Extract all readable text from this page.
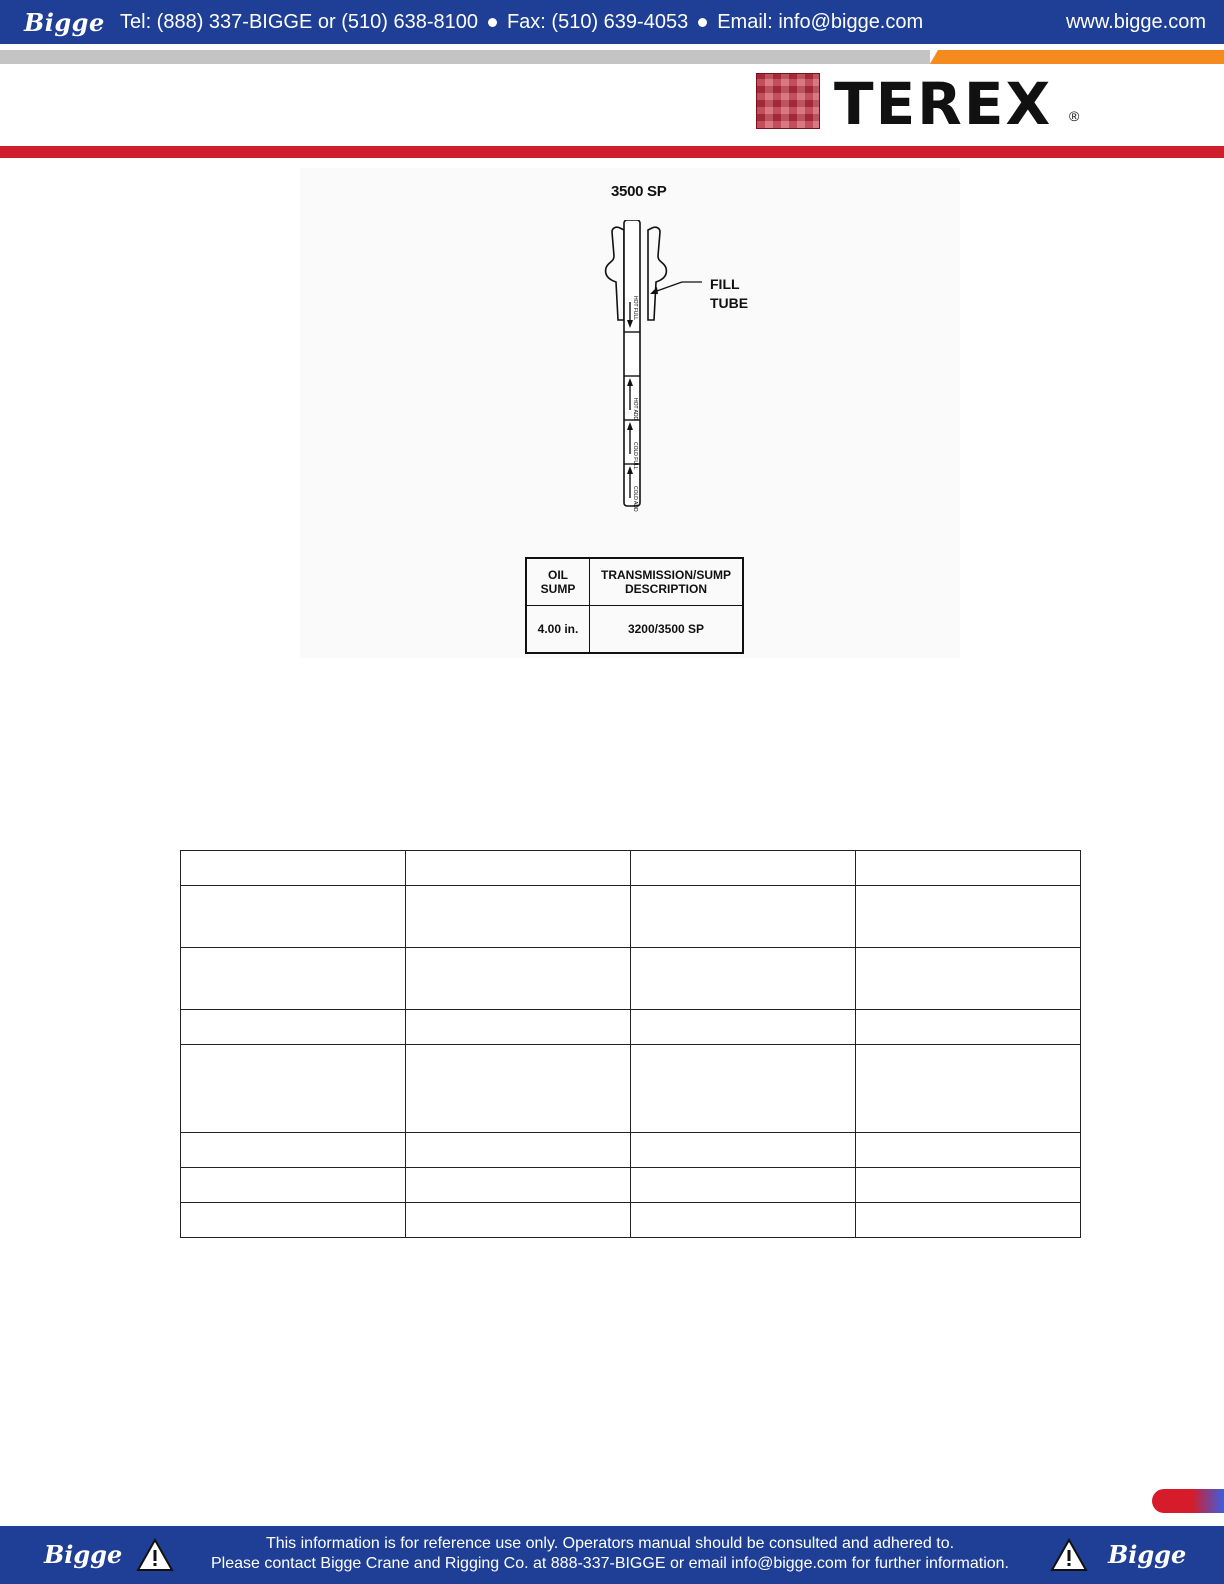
Bigge Tel: (888) 337-BIGGE or (510) 638-8100 Fax: (510) 639-4053 Email: info@bigge.com	www.bigge.com
TEREX ®
3500 SP
HOT FULL
HOT ADD
COLD FULL
COLD ADD
FILL
TUBE
OIL SUMP	TRANSMISSION/SUMP DESCRIPTION
4.00 in.	3200/3500 SP

Bigge	This information is for reference use only. Operators manual should be consulted and adhered to.
Please contact Bigge Crane and Rigging Co. at 888-337-BIGGE or email info@bigge.com for further information.	Bigge
